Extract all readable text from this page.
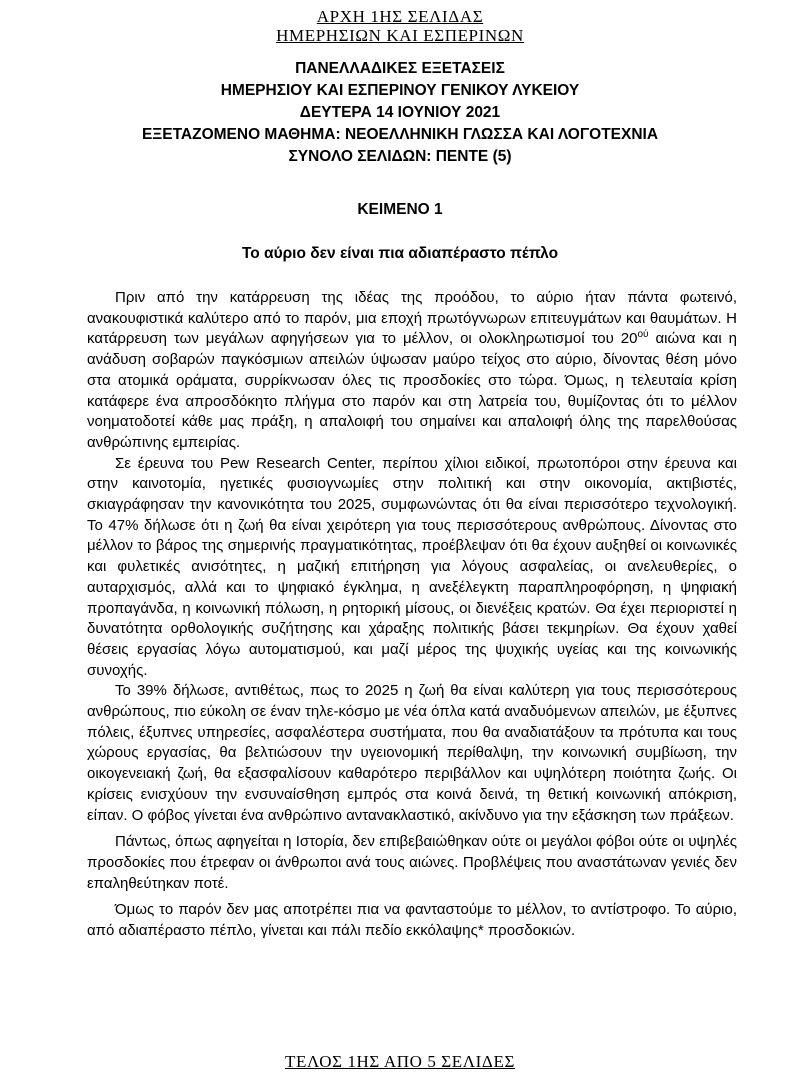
ΑΡΧΗ 1ΗΣ ΣΕΛΙΔΑΣ
ΗΜΕΡΗΣΙΩΝ ΚΑΙ ΕΣΠΕΡΙΝΩΝ
ΠΑΝΕΛΛΑΔΙΚΕΣ ΕΞΕΤΑΣΕΙΣ
ΗΜΕΡΗΣΙΟΥ ΚΑΙ ΕΣΠΕΡΙΝΟΥ ΓΕΝΙΚΟΥ ΛΥΚΕΙΟΥ
ΔΕΥΤΕΡΑ 14 ΙΟΥΝΙΟΥ 2021
ΕΞΕΤΑΖΟΜΕΝΟ ΜΑΘΗΜΑ: ΝΕΟΕΛΛΗΝΙΚΗ ΓΛΩΣΣΑ ΚΑΙ ΛΟΓΟΤΕΧΝΙΑ
ΣΥΝΟΛΟ ΣΕΛΙΔΩΝ: ΠΕΝΤΕ (5)
ΚΕΙΜΕΝΟ 1
Το αύριο δεν είναι πια αδιαπέραστο πέπλο

Πριν από την κατάρρευση της ιδέας της προόδου, το αύριο ήταν πάντα φωτεινό, ανακουφιστικά καλύτερο από το παρόν, μια εποχή πρωτόγνωρων επιτευγμάτων και θαυμάτων. Η κατάρρευση των μεγάλων αφηγήσεων για το μέλλον, οι ολοκληρωτισμοί του $20^{oύ}$ αιώνα και η ανάδυση σοβαρών παγκόσμιων απειλών ύψωσαν μαύρο τείχος στο αύριο, δίνοντας θέση μόνο στα ατομικά οράματα, συρρίκνωσαν όλες τις προσδοκίες στο τώρα. Όμως, η τελευταία κρίση κατάφερε ένα απροσδόκητο πλήγμα στο παρόν και στη λατρεία του, θυμίζοντας ότι το μέλλον νοηματοδοτεί κάθε μας πράξη, η απαλοιφή του σημαίνει και απαλοιφή όλης της παρελθούσας ανθρώπινης εμπειρίας.

Σε έρευνα του Pew Research Center, περίπου χίλιοι ειδικοί, πρωτοπόροι στην έρευνα και στην καινοτομία, ηγετικές φυσιογνωμίες στην πολιτική και στην οικονομία, ακτιβιστές, σκιαγράφησαν την κανονικότητα του 2025, συμφωνώντας ότι θα είναι περισσότερο τεχνολογική. Το 47% δήλωσε ότι η ζωή θα είναι χειρότερη για τους περισσότερους ανθρώπους. Δίνοντας στο μέλλον το βάρος της σημερινής πραγματικότητας, προέβλεψαν ότι θα έχουν αυξηθεί οι κοινωνικές και φυλετικές ανισότητες, η μαζική επιτήρηση για λόγους ασφαλείας, οι ανελευθερίες, ο αυταρχισμός, αλλά και το ψηφιακό έγκλημα, η ανεξέλεγκτη παραπληροφόρηση, η ψηφιακή προπαγάνδα, η κοινωνική πόλωση, η ρητορική μίσους, οι διενέξεις κρατών. Θα έχει περιοριστεί η δυνατότητα ορθολογικής συζήτησης και χάραξης πολιτικής βάσει τεκμηρίων. Θα έχουν χαθεί θέσεις εργασίας λόγω αυτοματισμού, και μαζί μέρος της ψυχικής υγείας και της κοινωνικής συνοχής.

Το 39% δήλωσε, αντιθέτως, πως το 2025 η ζωή θα είναι καλύτερη για τους περισσότερους ανθρώπους, πιο εύκολη σε έναν τηλε-κόσμο με νέα όπλα κατά αναδυόμενων απειλών, με έξυπνες πόλεις, έξυπνες υπηρεσίες, ασφαλέστερα συστήματα, που θα αναδιατάξουν τα πρότυπα και τους χώρους εργασίας, θα βελτιώσουν την υγειονομική περίθαλψη, την κοινωνική συμβίωση, την οικογενειακή ζωή, θα εξασφαλίσουν καθαρότερο περιβάλλον και υψηλότερη ποιότητα ζωής. Οι κρίσεις ενισχύουν την ενσυναίσθηση εμπρός στα κοινά δεινά, τη θετική κοινωνική απόκριση, είπαν. Ο φόβος γίνεται ένα ανθρώπινο αντανακλαστικό, ακίνδυνο για την εξάσκηση των πράξεων.

Πάντως, όπως αφηγείται η Ιστορία, δεν επιβεβαιώθηκαν ούτε οι μεγάλοι φόβοι ούτε οι υψηλές προσδοκίες που έτρεφαν οι άνθρωποι ανά τους αιώνες. Προβλέψεις που αναστάτωναν γενιές δεν επαληθεύτηκαν ποτέ.

Όμως το παρόν δεν μας αποτρέπει πια να φανταστούμε το μέλλον, το αντίστροφο. Το αύριο, από αδιαπέραστο πέπλο, γίνεται και πάλι πεδίο εκκόλαψης* προσδοκιών.

ΤΕΛΟΣ 1ΗΣ ΑΠΟ 5 ΣΕΛΙΔΕΣ
